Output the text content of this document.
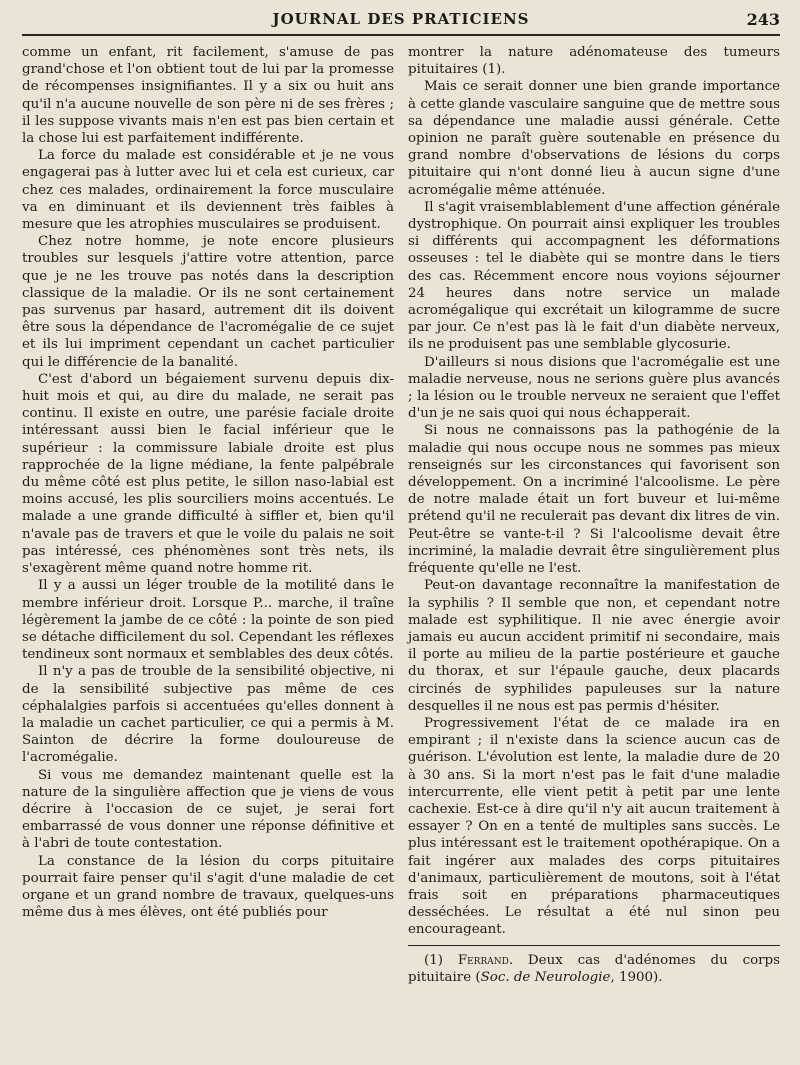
JOURNAL DES PRATICIENS	243

comme un enfant, rit facilement, s'amuse de pas grand'chose et l'on obtient tout de lui par la promesse de récompenses insignifiantes. Il y a six ou huit ans qu'il n'a aucune nouvelle de son père ni de ses frères ; il les suppose vivants mais n'en est pas bien certain et la chose lui est parfaitement indifférente.

La force du malade est considérable et je ne vous engagerai pas à lutter avec lui et cela est curieux, car chez ces malades, ordinairement la force musculaire va en diminuant et ils deviennent très faibles à mesure que les atrophies musculaires se produisent.

Chez notre homme, je note encore plusieurs troubles sur lesquels j'attire votre attention, parce que je ne les trouve pas notés dans la description classique de la maladie. Or ils ne sont certainement pas survenus par hasard, autrement dit ils doivent être sous la dépendance de l'acromégalie de ce sujet et ils lui impriment cependant un cachet particulier qui le différencie de la banalité.

C'est d'abord un bégaiement survenu depuis dix-huit mois et qui, au dire du malade, ne serait pas continu. Il existe en outre, une parésie faciale droite intéressant aussi bien le facial inférieur que le supérieur : la commissure labiale droite est plus rapprochée de la ligne médiane, la fente palpébrale du même côté est plus petite, le sillon naso-labial est moins accusé, les plis sourciliers moins accentués. Le malade a une grande difficulté à siffler et, bien qu'il n'avale pas de travers et que le voile du palais ne soit pas intéressé, ces phénomènes sont très nets, ils s'exagèrent même quand notre homme rit.

Il y a aussi un léger trouble de la motilité dans le membre inférieur droit. Lorsque P... marche, il traîne légèrement la jambe de ce côté : la pointe de son pied se détache difficilement du sol. Cependant les réflexes tendineux sont normaux et semblables des deux côtés.

Il n'y a pas de trouble de la sensibilité objective, ni de la sensibilité subjective pas même de ces céphalalgies parfois si accentuées qu'elles donnent à la maladie un cachet particulier, ce qui a permis à M. Sainton de décrire la forme douloureuse de l'acromégalie.

Si vous me demandez maintenant quelle est la nature de la singulière affection que je viens de vous décrire à l'occasion de ce sujet, je serai fort embarrassé de vous donner une réponse définitive et à l'abri de toute contestation.

La constance de la lésion du corps pituitaire pourrait faire penser qu'il s'agit d'une maladie de cet organe et un grand nombre de travaux, quelques-uns même dus à mes élèves, ont été publiés pour

montrer la nature adénomateuse des tumeurs pituitaires (1).

Mais ce serait donner une bien grande importance à cette glande vasculaire sanguine que de mettre sous sa dépendance une maladie aussi générale. Cette opinion ne paraît guère soutenable en présence du grand nombre d'observations de lésions du corps pituitaire qui n'ont donné lieu à aucun signe d'une acromégalie même atténuée.

Il s'agit vraisemblablement d'une affection générale dystrophique. On pourrait ainsi expliquer les troubles si différents qui accompagnent les déformations osseuses : tel le diabète qui se montre dans le tiers des cas. Récemment encore nous voyions séjourner 24 heures dans notre service un malade acromégalique qui excrétait un kilogramme de sucre par jour. Ce n'est pas là le fait d'un diabète nerveux, ils ne produisent pas une semblable glycosurie.

D'ailleurs si nous disions que l'acromégalie est une maladie nerveuse, nous ne serions guère plus avancés ; la lésion ou le trouble nerveux ne seraient que l'effet d'un je ne sais quoi qui nous échapperait.

Si nous ne connaissons pas la pathogénie de la maladie qui nous occupe nous ne sommes pas mieux renseignés sur les circonstances qui favorisent son développement. On a incriminé l'alcoolisme. Le père de notre malade était un fort buveur et lui-même prétend qu'il ne reculerait pas devant dix litres de vin. Peut-être se vante-t-il ? Si l'alcoolisme devait être incriminé, la maladie devrait être singulièrement plus fréquente qu'elle ne l'est.

Peut-on davantage reconnaître la manifestation de la syphilis ? Il semble que non, et cependant notre malade est syphilitique. Il nie avec énergie avoir jamais eu aucun accident primitif ni secondaire, mais il porte au milieu de la partie postérieure et gauche du thorax, et sur l'épaule gauche, deux placards circinés de syphilides papuleuses sur la nature desquelles il ne nous est pas permis d'hésiter.

Progressivement l'état de ce malade ira en empirant ; il n'existe dans la science aucun cas de guérison. L'évolution est lente, la maladie dure de 20 à 30 ans. Si la mort n'est pas le fait d'une maladie intercurrente, elle vient petit à petit par une lente cachexie. Est-ce à dire qu'il n'y ait aucun traitement à essayer ? On en a tenté de multiples sans succès. Le plus intéressant est le traitement opothérapique. On a fait ingérer aux malades des corps pituitaires d'animaux, particulièrement de moutons, soit à l'état frais soit en préparations pharmaceutiques desséchées. Le résultat a été nul sinon peu encourageant.

(1) Ferrand. Deux cas d'adénomes du corps pituitaire (Soc. de Neurologie, 1900).
